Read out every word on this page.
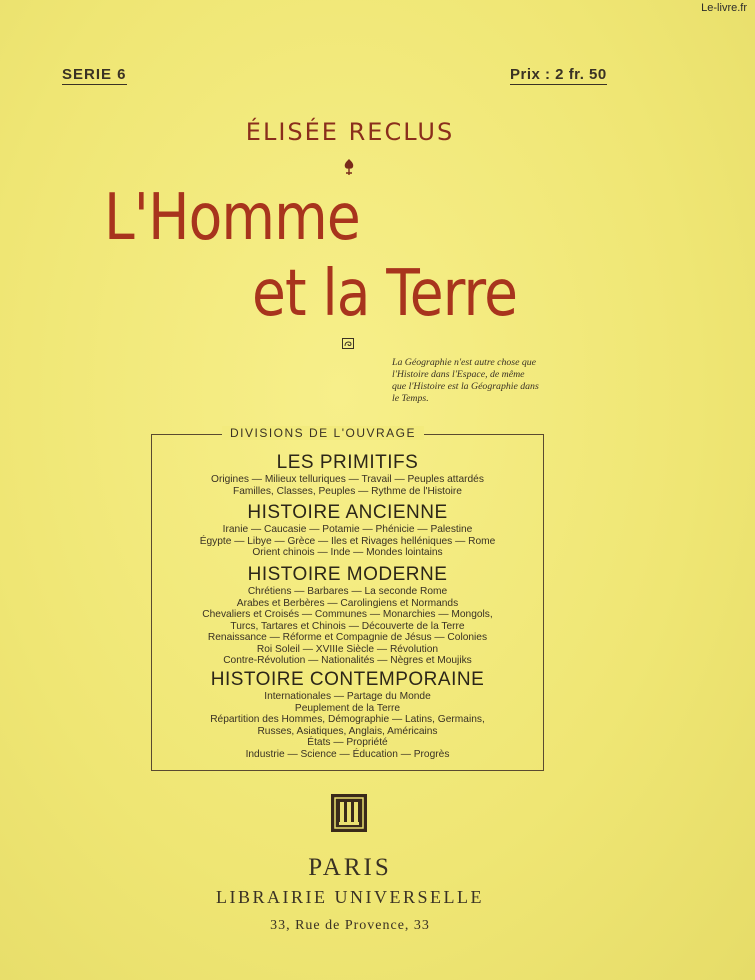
Le-livre.fr
SERIE 6	Prix : 2 fr. 50
ÉLISÉE RECLUS
L'Homme
et la Terre
La Géographie n'est autre chose que
l'Histoire dans l'Espace, de même
que l'Histoire est la Géographie dans
le Temps.
DIVISIONS DE L'OUVRAGE
LES PRIMITIFS
Origines — Milieux telluriques — Travail — Peuples attardés
Familles, Classes, Peuples — Rythme de l'Histoire
HISTOIRE ANCIENNE
Iranie — Caucasie — Potamie — Phénicie — Palestine
Égypte — Libye — Grèce — Iles et Rivages helléniques — Rome
Orient chinois — Inde — Mondes lointains
HISTOIRE MODERNE
Chrétiens — Barbares — La seconde Rome
Arabes et Berbères — Carolingiens et Normands
Chevaliers et Croisés — Communes — Monarchies — Mongols,
Turcs, Tartares et Chinois — Découverte de la Terre
Renaissance — Réforme et Compagnie de Jésus — Colonies
Roi Soleil — XVIIIe Siècle — Révolution
Contre-Révolution — Nationalités — Nègres et Moujiks
HISTOIRE CONTEMPORAINE
Internationales — Partage du Monde
Peuplement de la Terre
Répartition des Hommes, Démographie — Latins, Germains,
Russes, Asiatiques, Anglais, Américains
États — Propriété
Industrie — Science — Éducation — Progrès
PARIS
LIBRAIRIE UNIVERSELLE
33, Rue de Provence, 33
